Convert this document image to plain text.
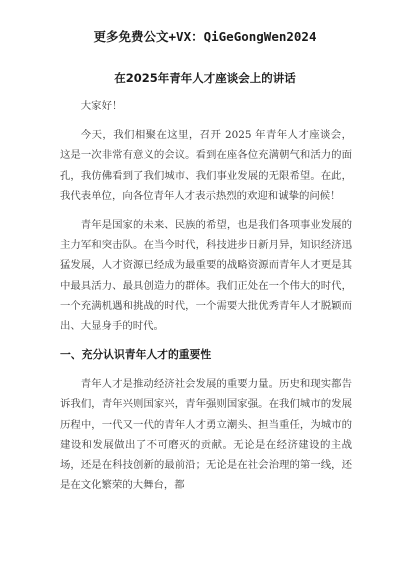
更多免费公文+VX：QiGeGongWen2024
在2025年青年人才座谈会上的讲话

大家好！

今天，我们相聚在这里，召开 2025 年青年人才座谈会，这是一次非常有意义的会议。看到在座各位充满朝气和活力的面孔，我仿佛看到了我们城市、我们事业发展的无限希望。在此，我代表单位，向各位青年人才表示热烈的欢迎和诚挚的问候！

青年是国家的未来、民族的希望，也是我们各项事业发展的主力军和突击队。在当今时代，科技进步日新月异，知识经济迅猛发展，人才资源已经成为最重要的战略资源而青年人才更是其中最具活力、最具创造力的群体。我们正处在一个伟大的时代，一个充满机遇和挑战的时代，一个需要大批优秀青年人才脱颖而出、大显身手的时代。

一、充分认识青年人才的重要性

青年人才是推动经济社会发展的重要力量。历史和现实都告诉我们，青年兴则国家兴，青年强则国家强。在我们城市的发展历程中，一代又一代的青年人才勇立潮头、担当重任，为城市的建设和发展做出了不可磨灭的贡献。无论是在经济建设的主战场，还是在科技创新的最前沿；无论是在社会治理的第一线，还是在文化繁荣的大舞台，都
